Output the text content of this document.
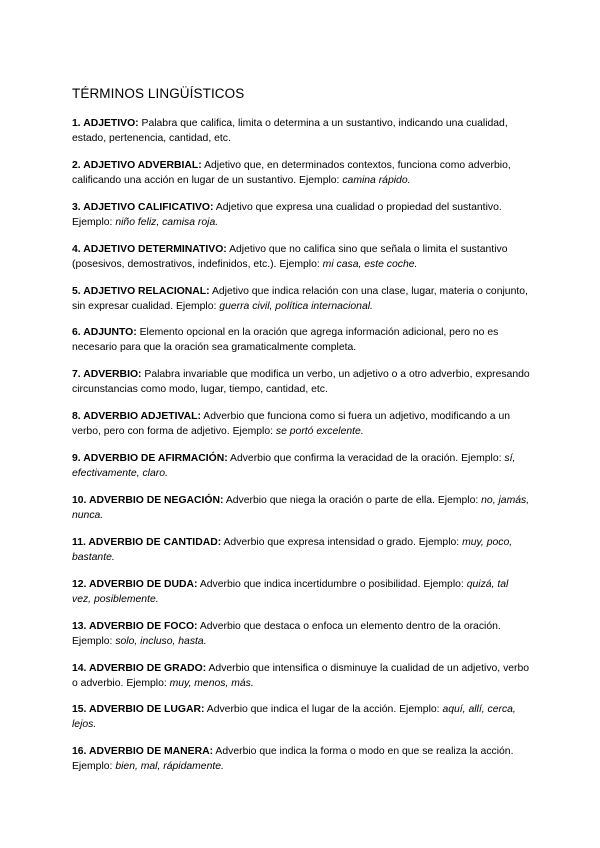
TÉRMINOS LINGÜÍSTICOS

1. ADJETIVO: Palabra que califica, limita o determina a un sustantivo, indicando una cualidad, estado, pertenencia, cantidad, etc.

2. ADJETIVO ADVERBIAL: Adjetivo que, en determinados contextos, funciona como adverbio, calificando una acción en lugar de un sustantivo. Ejemplo: camina rápido.

3. ADJETIVO CALIFICATIVO: Adjetivo que expresa una cualidad o propiedad del sustantivo. Ejemplo: niño feliz, camisa roja.

4. ADJETIVO DETERMINATIVO: Adjetivo que no califica sino que señala o limita el sustantivo (posesivos, demostrativos, indefinidos, etc.). Ejemplo: mi casa, este coche.

5. ADJETIVO RELACIONAL: Adjetivo que indica relación con una clase, lugar, materia o conjunto, sin expresar cualidad. Ejemplo: guerra civil, política internacional.

6. ADJUNTO: Elemento opcional en la oración que agrega información adicional, pero no es necesario para que la oración sea gramaticalmente completa.

7. ADVERBIO: Palabra invariable que modifica un verbo, un adjetivo o a otro adverbio, expresando circunstancias como modo, lugar, tiempo, cantidad, etc.

8. ADVERBIO ADJETIVAL: Adverbio que funciona como si fuera un adjetivo, modificando a un verbo, pero con forma de adjetivo. Ejemplo: se portó excelente.

9. ADVERBIO DE AFIRMACIÓN: Adverbio que confirma la veracidad de la oración. Ejemplo: sí, efectivamente, claro.

10. ADVERBIO DE NEGACIÓN: Adverbio que niega la oración o parte de ella. Ejemplo: no, jamás, nunca.

11. ADVERBIO DE CANTIDAD: Adverbio que expresa intensidad o grado. Ejemplo: muy, poco, bastante.

12. ADVERBIO DE DUDA: Adverbio que indica incertidumbre o posibilidad. Ejemplo: quizá, tal vez, posiblemente.

13. ADVERBIO DE FOCO: Adverbio que destaca o enfoca un elemento dentro de la oración. Ejemplo: solo, incluso, hasta.

14. ADVERBIO DE GRADO: Adverbio que intensifica o disminuye la cualidad de un adjetivo, verbo o adverbio. Ejemplo: muy, menos, más.

15. ADVERBIO DE LUGAR: Adverbio que indica el lugar de la acción. Ejemplo: aquí, allí, cerca, lejos.

16. ADVERBIO DE MANERA: Adverbio que indica la forma o modo en que se realiza la acción. Ejemplo: bien, mal, rápidamente.
